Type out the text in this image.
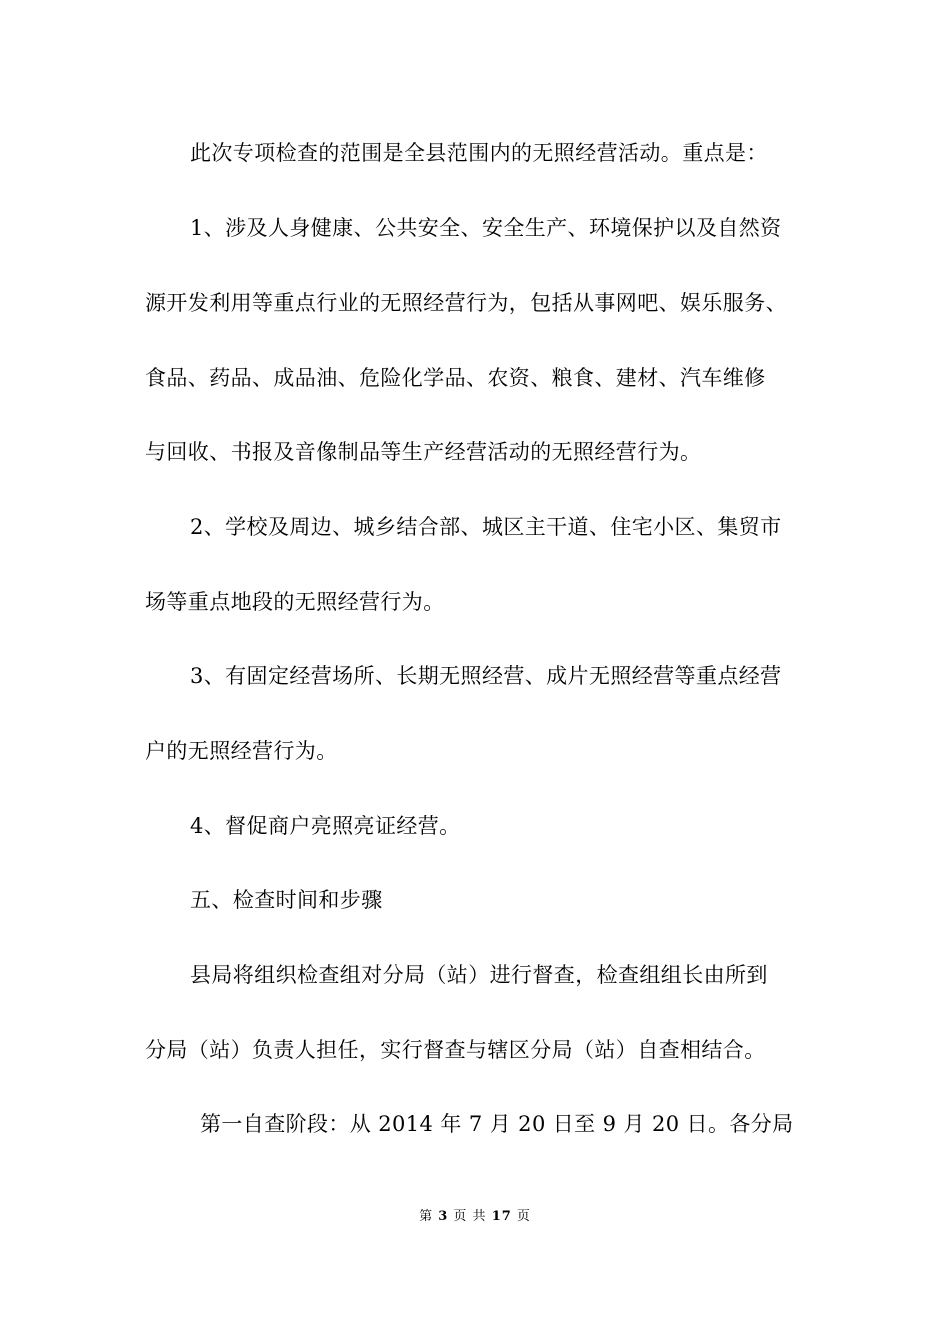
此次专项检查的范围是全县范围内的无照经营活动。重点是：
1、涉及人身健康、公共安全、安全生产、环境保护以及自然资
源开发利用等重点行业的无照经营行为，包括从事网吧、娱乐服务、
食品、药品、成品油、危险化学品、农资、粮食、建材、汽车维修
与回收、书报及音像制品等生产经营活动的无照经营行为。
2、学校及周边、城乡结合部、城区主干道、住宅小区、集贸市
场等重点地段的无照经营行为。
3、有固定经营场所、长期无照经营、成片无照经营等重点经营
户的无照经营行为。
4、督促商户亮照亮证经营。
五、检查时间和步骤
县局将组织检查组对分局（站）进行督查，检查组组长由所到
分局（站）负责人担任，实行督查与辖区分局（站）自查相结合。
第一自查阶段：从 2014 年 7 月 20 日至 9 月 20 日。各分局
第 3 页 共 17 页
